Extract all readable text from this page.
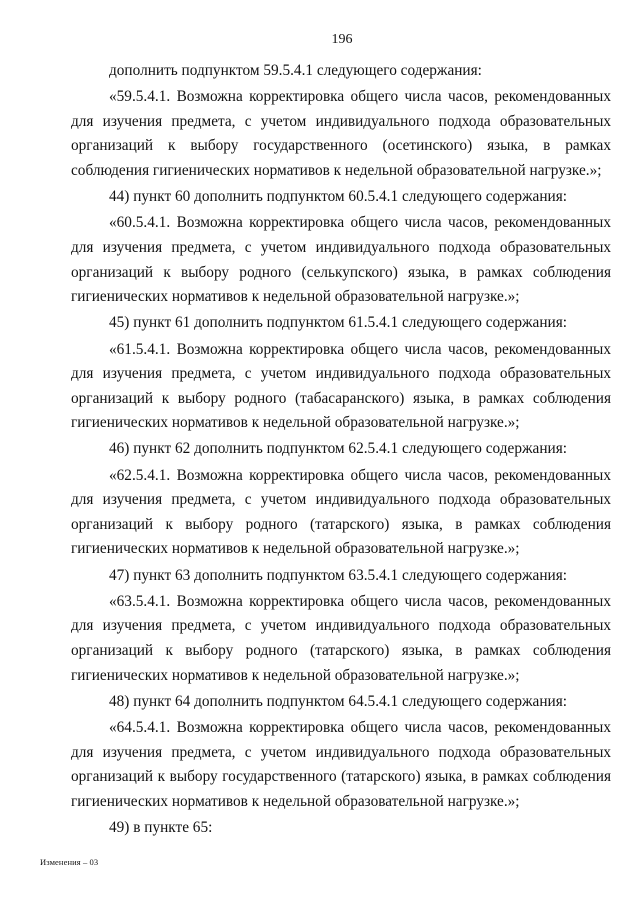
196

дополнить подпунктом 59.5.4.1 следующего содержания:

«59.5.4.1. Возможна корректировка общего числа часов, рекомендованных для изучения предмета, с учетом индивидуального подхода образовательных организаций к выбору государственного (осетинского) языка, в рамках соблюдения гигиенических нормативов к недельной образовательной нагрузке.»;

44) пункт 60 дополнить подпунктом 60.5.4.1 следующего содержания:

«60.5.4.1. Возможна корректировка общего числа часов, рекомендованных для изучения предмета, с учетом индивидуального подхода образовательных организаций к выбору родного (селькупского) языка, в рамках соблюдения гигиенических нормативов к недельной образовательной нагрузке.»;

45) пункт 61 дополнить подпунктом 61.5.4.1 следующего содержания:

«61.5.4.1. Возможна корректировка общего числа часов, рекомендованных для изучения предмета, с учетом индивидуального подхода образовательных организаций к выбору родного (табасаранского) языка, в рамках соблюдения гигиенических нормативов к недельной образовательной нагрузке.»;

46) пункт 62 дополнить подпунктом 62.5.4.1 следующего содержания:

«62.5.4.1. Возможна корректировка общего числа часов, рекомендованных для изучения предмета, с учетом индивидуального подхода образовательных организаций к выбору родного (татарского) языка, в рамках соблюдения гигиенических нормативов к недельной образовательной нагрузке.»;

47) пункт 63 дополнить подпунктом 63.5.4.1 следующего содержания:

«63.5.4.1. Возможна корректировка общего числа часов, рекомендованных для изучения предмета, с учетом индивидуального подхода образовательных организаций к выбору родного (татарского) языка, в рамках соблюдения гигиенических нормативов к недельной образовательной нагрузке.»;

48) пункт 64 дополнить подпунктом 64.5.4.1 следующего содержания:

«64.5.4.1. Возможна корректировка общего числа часов, рекомендованных для изучения предмета, с учетом индивидуального подхода образовательных организаций к выбору государственного (татарского) языка, в рамках соблюдения гигиенических нормативов к недельной образовательной нагрузке.»;

49) в пункте 65:

Изменения – 03
